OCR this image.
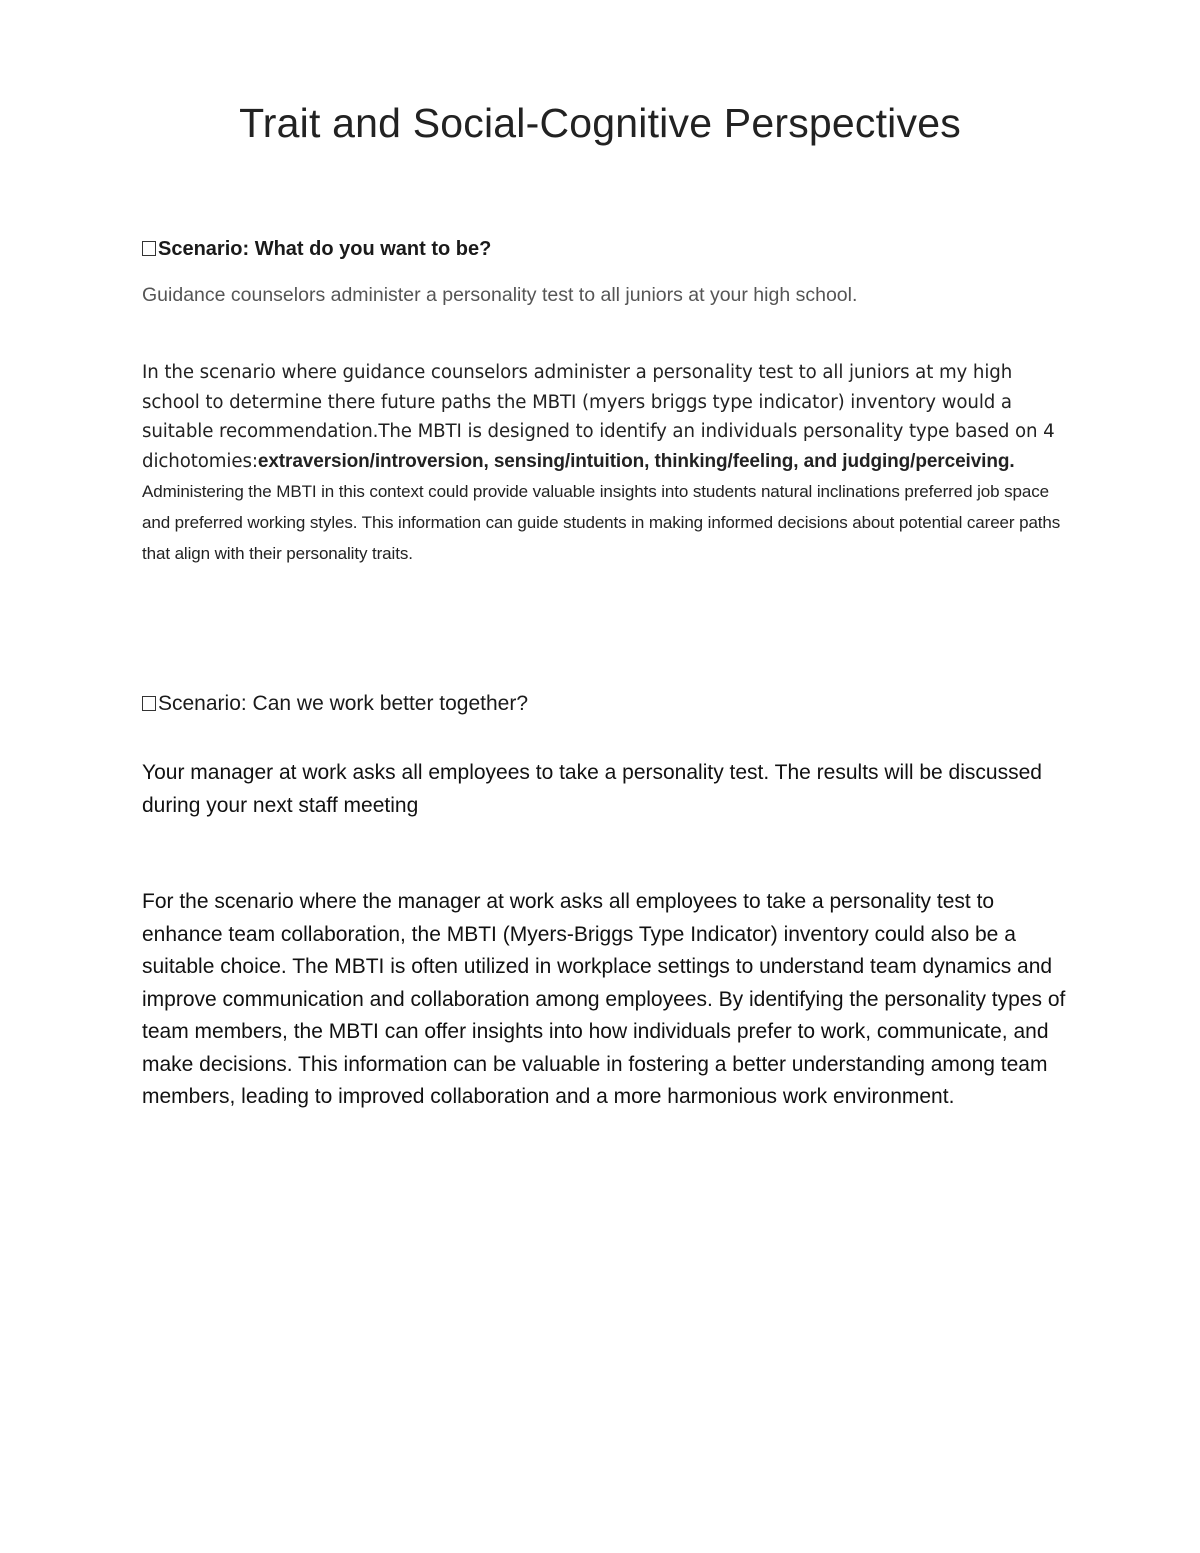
Trait and Social-Cognitive Perspectives
Scenario: What do you want to be?
Guidance counselors administer a personality test to all juniors at your high school.
In the scenario where guidance counselors administer a personality test to all juniors at my high school to determine there future paths the MBTI (myers briggs type indicator) inventory would a suitable recommendation.The MBTI is designed to identify an individuals personality type based on 4 dichotomies:extraversion/introversion, sensing/intuition, thinking/feeling, and judging/perceiving. Administering the MBTI in this context could provide valuable insights into students natural inclinations preferred job space and preferred working styles. This information can guide students in making informed decisions about potential career paths that align with their personality traits.
Scenario: Can we work better together?
Your manager at work asks all employees to take a personality test. The results will be discussed during your next staff meeting
For the scenario where the manager at work asks all employees to take a personality test to enhance team collaboration, the MBTI (Myers-Briggs Type Indicator) inventory could also be a suitable choice. The MBTI is often utilized in workplace settings to understand team dynamics and improve communication and collaboration among employees. By identifying the personality types of team members, the MBTI can offer insights into how individuals prefer to work, communicate, and make decisions. This information can be valuable in fostering a better understanding among team members, leading to improved collaboration and a more harmonious work environment.
